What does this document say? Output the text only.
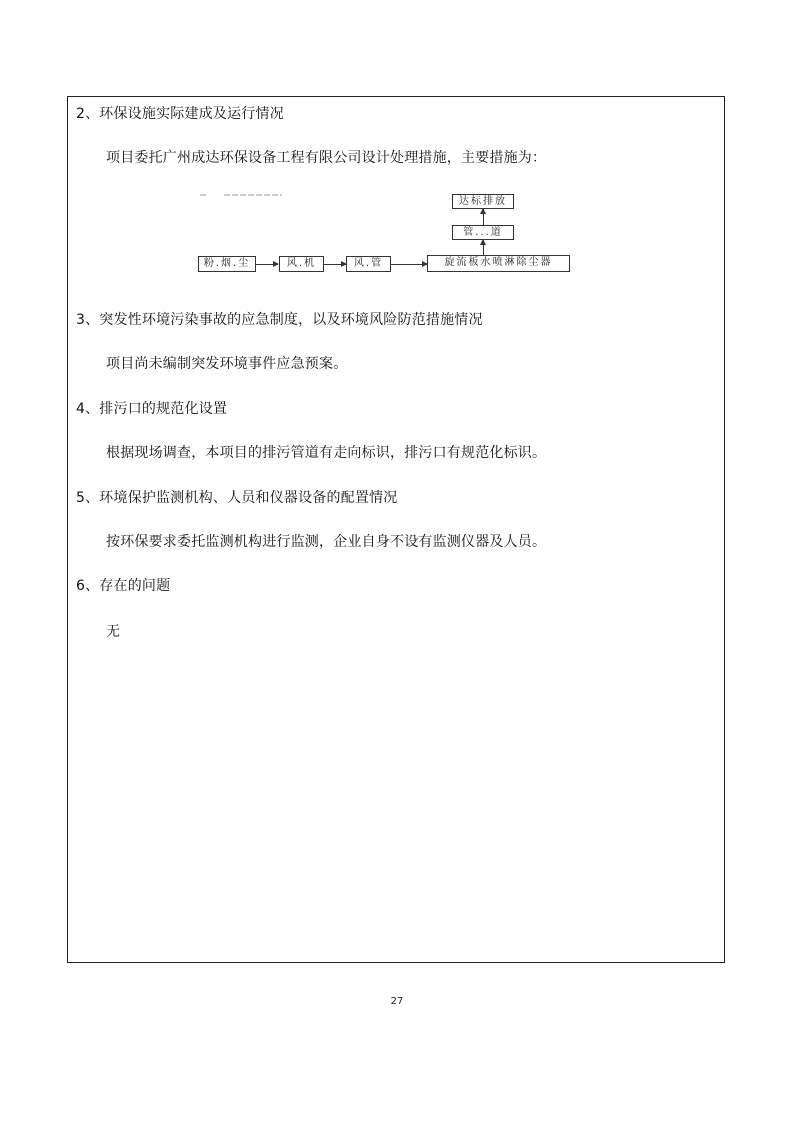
2、环保设施实际建成及运行情况
项目委托广州成达环保设备工程有限公司设计处理措施，主要措施为：
粉.烟.尘	风.机	风.管	旋流板水喷淋除尘器
管...道
达标排放
3、突发性环境污染事故的应急制度，以及环境风险防范措施情况
项目尚未编制突发环境事件应急预案。
4、排污口的规范化设置
根据现场调查，本项目的排污管道有走向标识，排污口有规范化标识。
5、环境保护监测机构、人员和仪器设备的配置情况
按环保要求委托监测机构进行监测，企业自身不设有监测仪器及人员。
6、存在的问题
无
27
